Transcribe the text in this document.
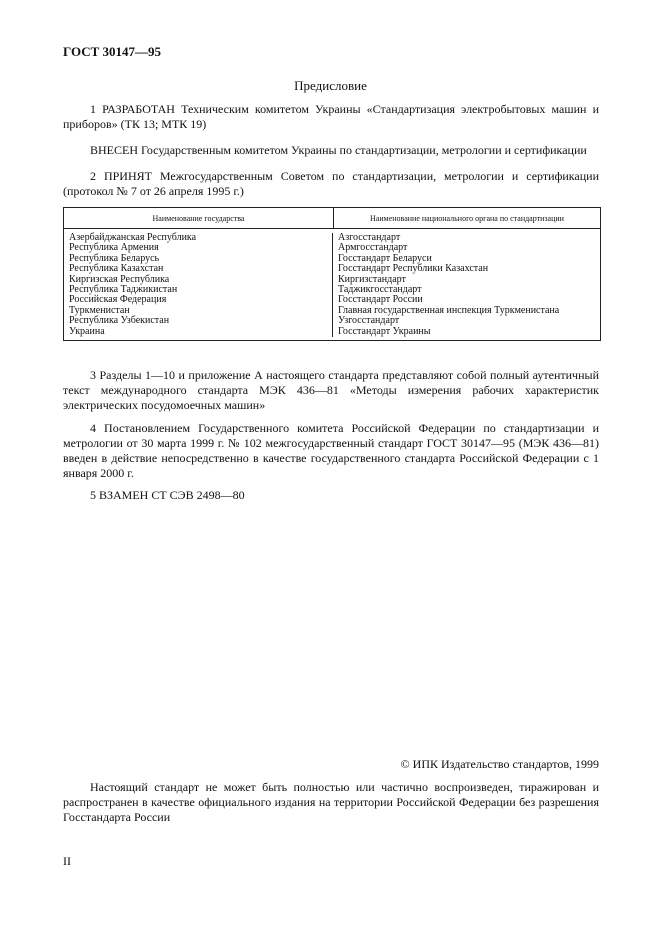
ГОСТ 30147—95
Предисловие
1 РАЗРАБОТАН Техническим комитетом Украины «Стандартизация электробытовых машин и приборов» (ТК 13; МТК 19)
ВНЕСЕН Государственным комитетом Украины по стандартизации, метрологии и сертификации
2 ПРИНЯТ Межгосударственным Советом по стандартизации, метрологии и сертификации (протокол № 7 от 26 апреля 1995 г.)
Наименование государства	Наименование национального органа по стандартизации
Азербайджанская Республика
Республика Армения
Республика Беларусь
Республика Казахстан
Киргизская Республика
Республика Таджикистан
Российская Федерация
Туркменистан
Республика Узбекистан
Украина
Азгосстандарт
Армгосстандарт
Госстандарт Беларуси
Госстандарт Республики Казахстан
Киргизстандарт
Таджикгосстандарт
Госстандарт России
Главная государственная инспекция Туркменистана
Узгосстандарт
Госстандарт Украины
3 Разделы 1—10 и приложение А настоящего стандарта представляют собой полный аутентичный текст международного стандарта МЭК 436—81 «Методы измерения рабочих характеристик электрических посудомоечных машин»
4 Постановлением Государственного комитета Российской Федерации по стандартизации и метрологии от 30 марта 1999 г. № 102 межгосударственный стандарт ГОСТ 30147—95 (МЭК 436—81) введен в действие непосредственно в качестве государственного стандарта Российской Федерации с 1 января 2000 г.
5 ВЗАМЕН СТ СЭВ 2498—80
© ИПК Издательство стандартов, 1999
Настоящий стандарт не может быть полностью или частично воспроизведен, тиражирован и распространен в качестве официального издания на территории Российской Федерации без разрешения Госстандарта России
II
